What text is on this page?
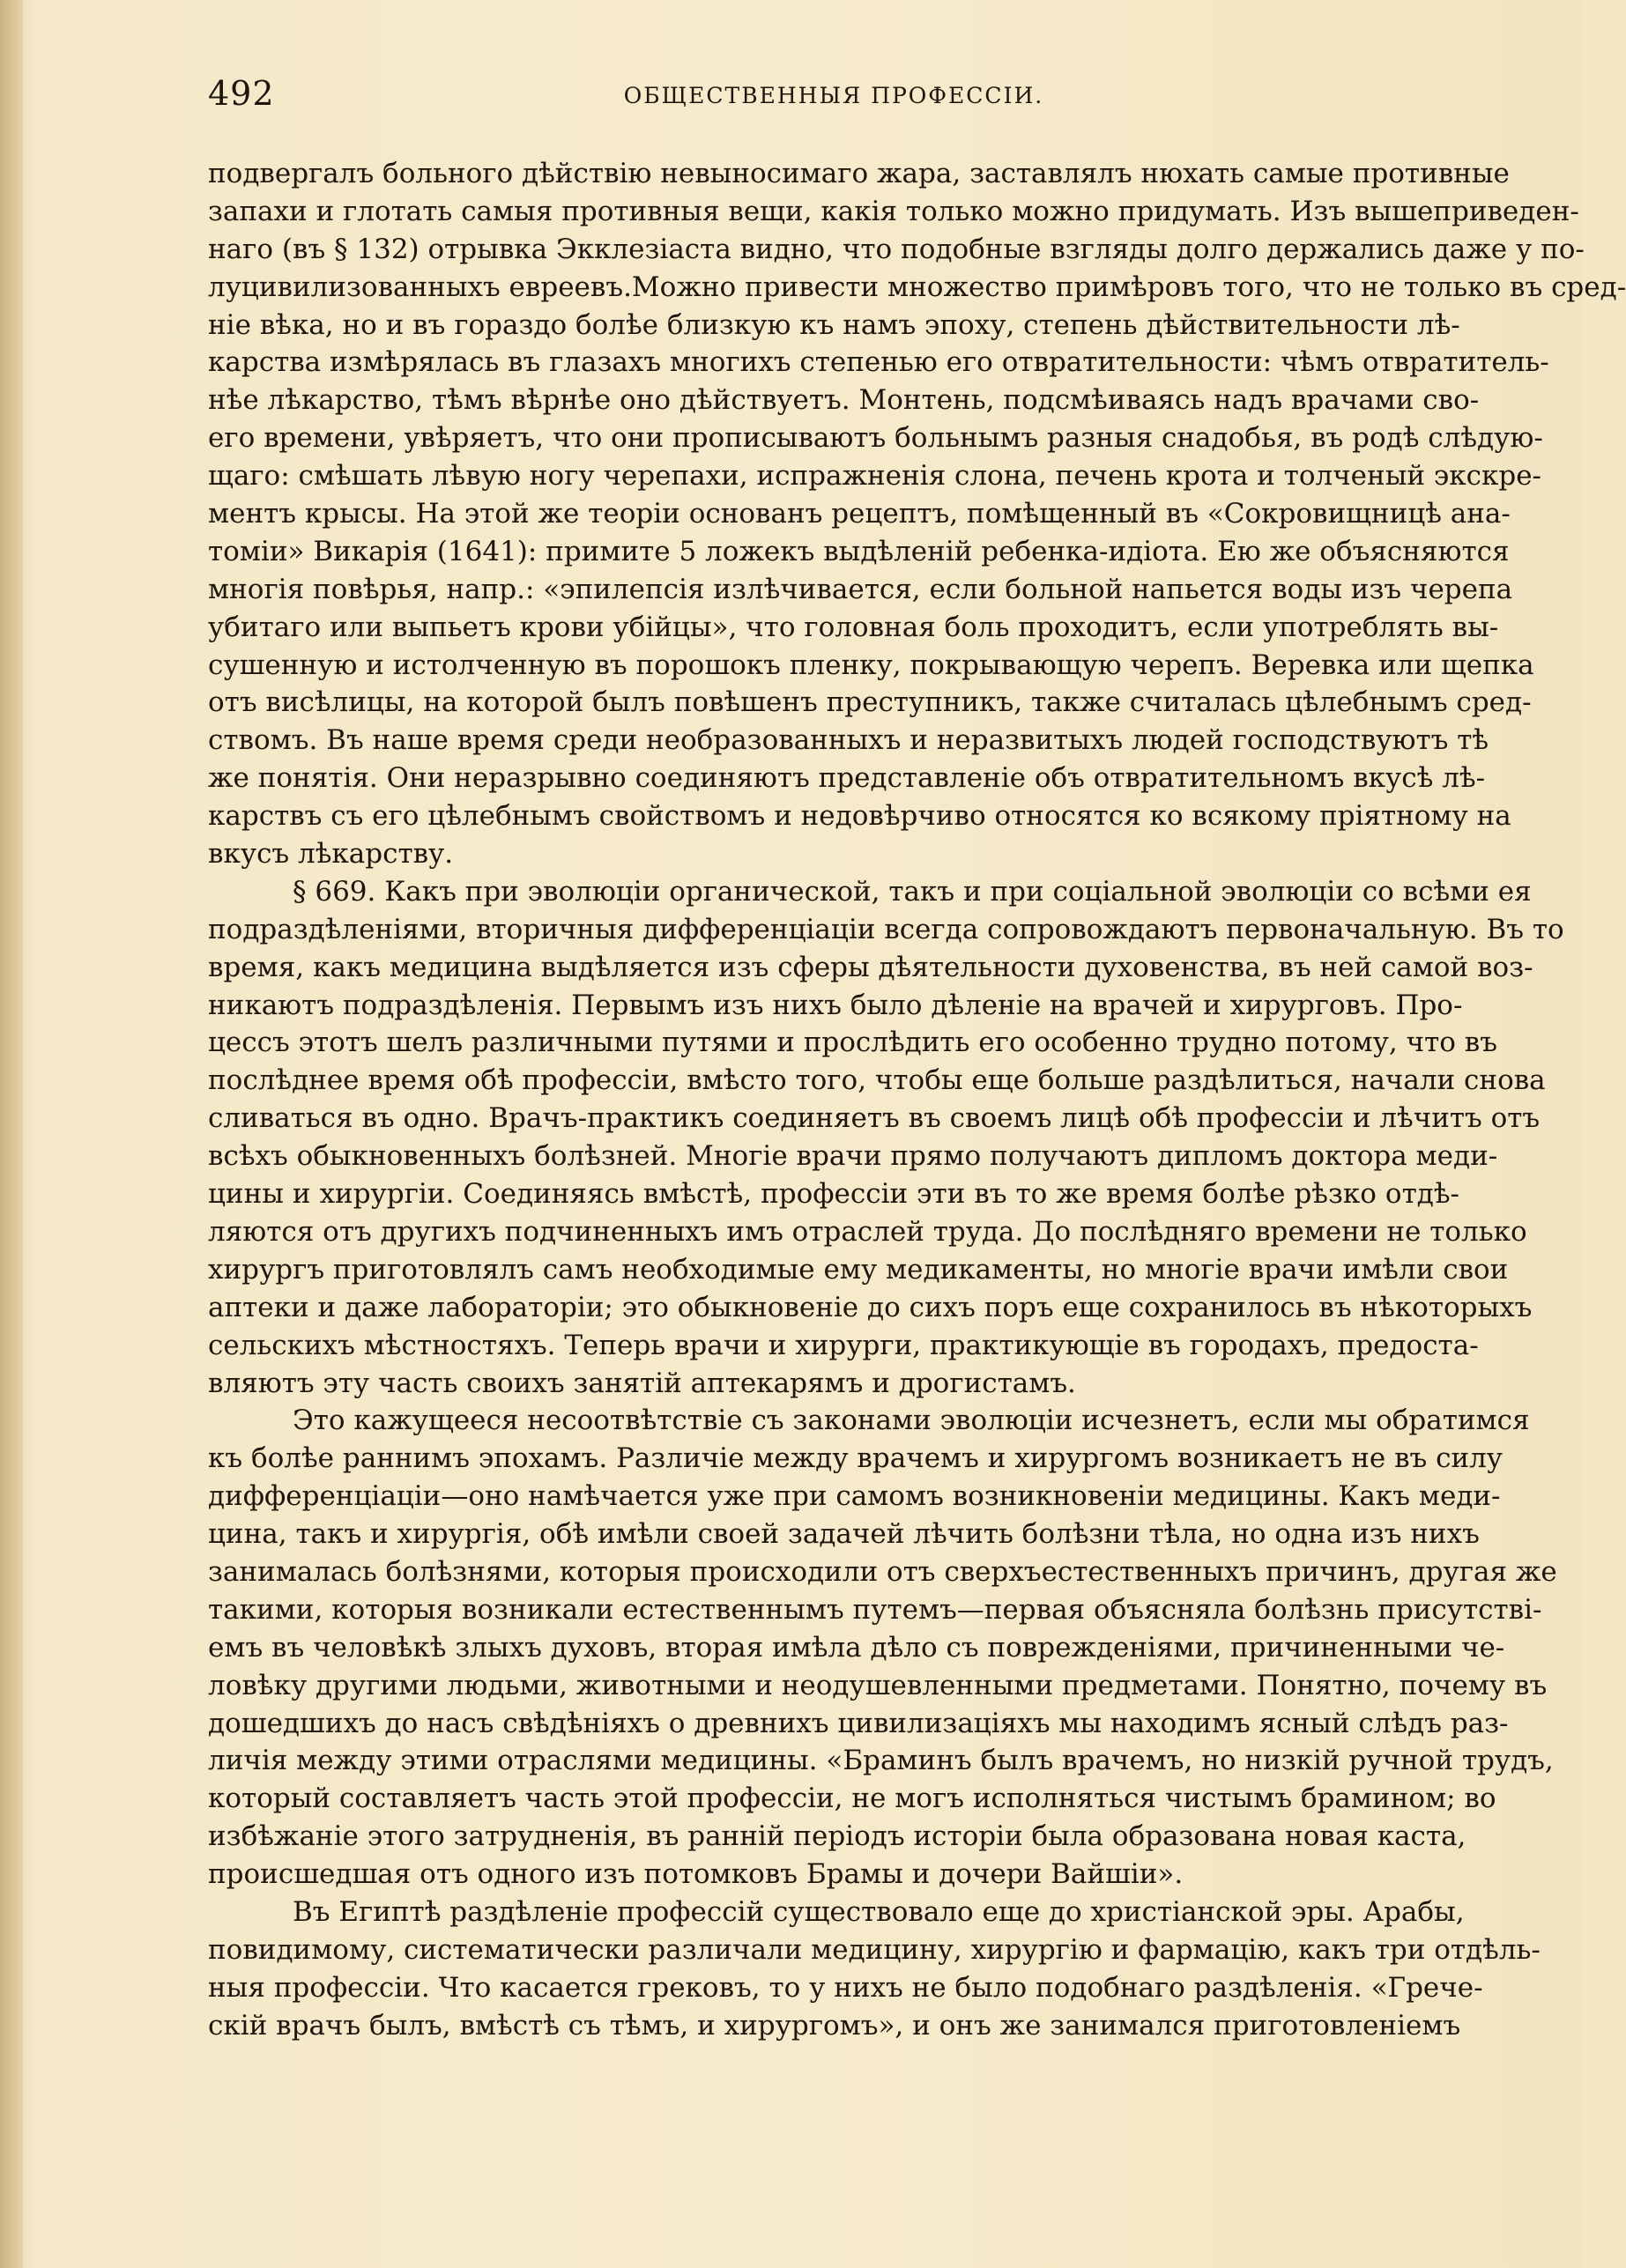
492	ОБЩЕСТВЕННЫЯ ПРОФЕССІИ.
подвергалъ больного дѣйствію невыносимаго жара, заставлялъ нюхать самые противные
запахи и глотать самыя противныя вещи, какія только можно придумать. Изъ вышеприведен-
наго (въ § 132) отрывка Экклезіаста видно, что подобные взгляды долго держались даже у по-
луцивилизованныхъ евреевъ.Можно привести множество примѣровъ того, что не только въ сред-
ніе вѣка, но и въ гораздо болѣе близкую къ намъ эпоху, степень дѣйствительности лѣ-
карства измѣрялась въ глазахъ многихъ степенью его отвратительности: чѣмъ отвратитель-
нѣе лѣкарство, тѣмъ вѣрнѣе оно дѣйствуетъ. Монтень, подсмѣиваясь надъ врачами сво-
его времени, увѣряетъ, что они прописываютъ больнымъ разныя снадобья, въ родѣ слѣдую-
щаго: смѣшать лѣвую ногу черепахи, испражненія слона, печень крота и толченый экскре-
ментъ крысы. На этой же теоріи основанъ рецептъ, помѣщенный въ «Сокровищницѣ ана-
томіи» Викарія (1641): примите 5 ложекъ выдѣленій ребенка-идіота. Ею же объясняются
многія повѣрья, напр.: «эпилепсія излѣчивается, если больной напьется воды изъ черепа
убитаго или выпьетъ крови убійцы», что головная боль проходитъ, если употреблять вы-
сушенную и истолченную въ порошокъ пленку, покрывающую черепъ. Веревка или щепка
отъ висѣлицы, на которой былъ повѣшенъ преступникъ, также считалась цѣлебнымъ сред-
ствомъ. Въ наше время среди необразованныхъ и неразвитыхъ людей господствуютъ тѣ
же понятія. Они неразрывно соединяютъ представленіе объ отвратительномъ вкусѣ лѣ-
карствъ съ его цѣлебнымъ свойствомъ и недовѣрчиво относятся ко всякому пріятному на
вкусъ лѣкарству.
§ 669. Какъ при эволюціи органической, такъ и при соціальной эволюціи со всѣми ея
подраздѣленіями, вторичныя дифференціаціи всегда сопровождаютъ первоначальную. Въ то
время, какъ медицина выдѣляется изъ сферы дѣятельности духовенства, въ ней самой воз-
никаютъ подраздѣленія. Первымъ изъ нихъ было дѣленіе на врачей и хирурговъ. Про-
цессъ этотъ шелъ различными путями и прослѣдить его особенно трудно потому, что въ
послѣднее время обѣ профессіи, вмѣсто того, чтобы еще больше раздѣлиться, начали снова
сливаться въ одно. Врачъ-практикъ соединяетъ въ своемъ лицѣ обѣ профессіи и лѣчитъ отъ
всѣхъ обыкновенныхъ болѣзней. Многіе врачи прямо получаютъ дипломъ доктора меди-
цины и хирургіи. Соединяясь вмѣстѣ, профессіи эти въ то же время болѣе рѣзко отдѣ-
ляются отъ другихъ подчиненныхъ имъ отраслей труда. До послѣдняго времени не только
хирургъ приготовлялъ самъ необходимые ему медикаменты, но многіе врачи имѣли свои
аптеки и даже лабораторіи; это обыкновеніе до сихъ поръ еще сохранилось въ нѣкоторыхъ
сельскихъ мѣстностяхъ. Теперь врачи и хирурги, практикующіе въ городахъ, предоста-
вляютъ эту часть своихъ занятій аптекарямъ и дрогистамъ.
Это кажущееся несоотвѣтствіе съ законами эволюціи исчезнетъ, если мы обратимся
къ болѣе раннимъ эпохамъ. Различіе между врачемъ и хирургомъ возникаетъ не въ силу
дифференціаціи—оно намѣчается уже при самомъ возникновеніи медицины. Какъ меди-
цина, такъ и хирургія, обѣ имѣли своей задачей лѣчить болѣзни тѣла, но одна изъ нихъ
занималась болѣзнями, которыя происходили отъ сверхъестественныхъ причинъ, другая же
такими, которыя возникали естественнымъ путемъ—первая объясняла болѣзнь присутстві-
емъ въ человѣкѣ злыхъ духовъ, вторая имѣла дѣло съ поврежденіями, причиненными че-
ловѣку другими людьми, животными и неодушевленными предметами. Понятно, почему въ
дошедшихъ до насъ свѣдѣніяхъ о древнихъ цивилизаціяхъ мы находимъ ясный слѣдъ раз-
личія между этими отраслями медицины. «Браминъ былъ врачемъ, но низкій ручной трудъ,
который составляетъ часть этой профессіи, не могъ исполняться чистымъ брамином; во
избѣжаніе этого затрудненія, въ ранній періодъ исторіи была образована новая каста,
происшедшая отъ одного изъ потомковъ Брамы и дочери Вайшіи».
Въ Египтѣ раздѣленіе профессій существовало еще до христіанской эры. Арабы,
повидимому, систематически различали медицину, хирургію и фармацію, какъ три отдѣль-
ныя профессіи. Что касается грековъ, то у нихъ не было подобнаго раздѣленія. «Грече-
скій врачъ былъ, вмѣстѣ съ тѣмъ, и хирургомъ», и онъ же занимался приготовленіемъ
